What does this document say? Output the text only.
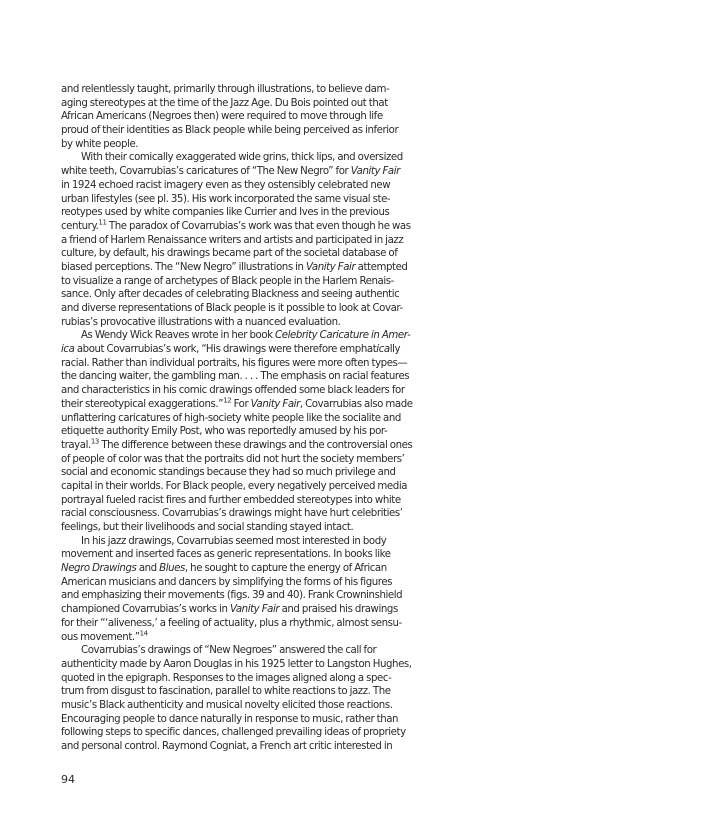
and relentlessly taught, primarily through illustrations, to believe dam-
aging stereotypes at the time of the Jazz Age. Du Bois pointed out that
African Americans (Negroes then) were required to move through life
proud of their identities as Black people while being perceived as inferior
by white people.
With their comically exaggerated wide grins, thick lips, and oversized
white teeth, Covarrubias’s caricatures of “The New Negro” for Vanity Fair
in 1924 echoed racist imagery even as they ostensibly celebrated new
urban lifestyles (see pl. 35). His work incorporated the same visual ste-
reotypes used by white companies like Currier and Ives in the previous
century.$^{11}$ The paradox of Covarrubias’s work was that even though he was
a friend of Harlem Renaissance writers and artists and participated in jazz
culture, by default, his drawings became part of the societal database of
biased perceptions. The “New Negro” illustrations in Vanity Fair attempted
to visualize a range of archetypes of Black people in the Harlem Renais-
sance. Only after decades of celebrating Blackness and seeing authentic
and diverse representations of Black people is it possible to look at Covar-
rubias’s provocative illustrations with a nuanced evaluation.
As Wendy Wick Reaves wrote in her book Celebrity Caricature in Amer-
ica about Covarrubias’s work, “His drawings were therefore emphatically
racial. Rather than individual portraits, his figures were more often types—
the dancing waiter, the gambling man. . . . The emphasis on racial features
and characteristics in his comic drawings offended some black leaders for
their stereotypical exaggerations.”$^{12}$ For Vanity Fair, Covarrubias also made
unflattering caricatures of high-society white people like the socialite and
etiquette authority Emily Post, who was reportedly amused by his por-
trayal.$^{13}$ The difference between these drawings and the controversial ones
of people of color was that the portraits did not hurt the society members’
social and economic standings because they had so much privilege and
capital in their worlds. For Black people, every negatively perceived media
portrayal fueled racist fires and further embedded stereotypes into white
racial consciousness. Covarrubias’s drawings might have hurt celebrities’
feelings, but their livelihoods and social standing stayed intact.
In his jazz drawings, Covarrubias seemed most interested in body
movement and inserted faces as generic representations. In books like
Negro Drawings and Blues, he sought to capture the energy of African
American musicians and dancers by simplifying the forms of his figures
and emphasizing their movements (figs. 39 and 40). Frank Crowninshield
championed Covarrubias’s works in Vanity Fair and praised his drawings
for their “‘aliveness,’ a feeling of actuality, plus a rhythmic, almost sensu-
ous movement.”$^{14}$
Covarrubias’s drawings of “New Negroes” answered the call for
authenticity made by Aaron Douglas in his 1925 letter to Langston Hughes,
quoted in the epigraph. Responses to the images aligned along a spec-
trum from disgust to fascination, parallel to white reactions to jazz. The
music’s Black authenticity and musical novelty elicited those reactions.
Encouraging people to dance naturally in response to music, rather than
following steps to specific dances, challenged prevailing ideas of propriety
and personal control. Raymond Cogniat, a French art critic interested in
94
